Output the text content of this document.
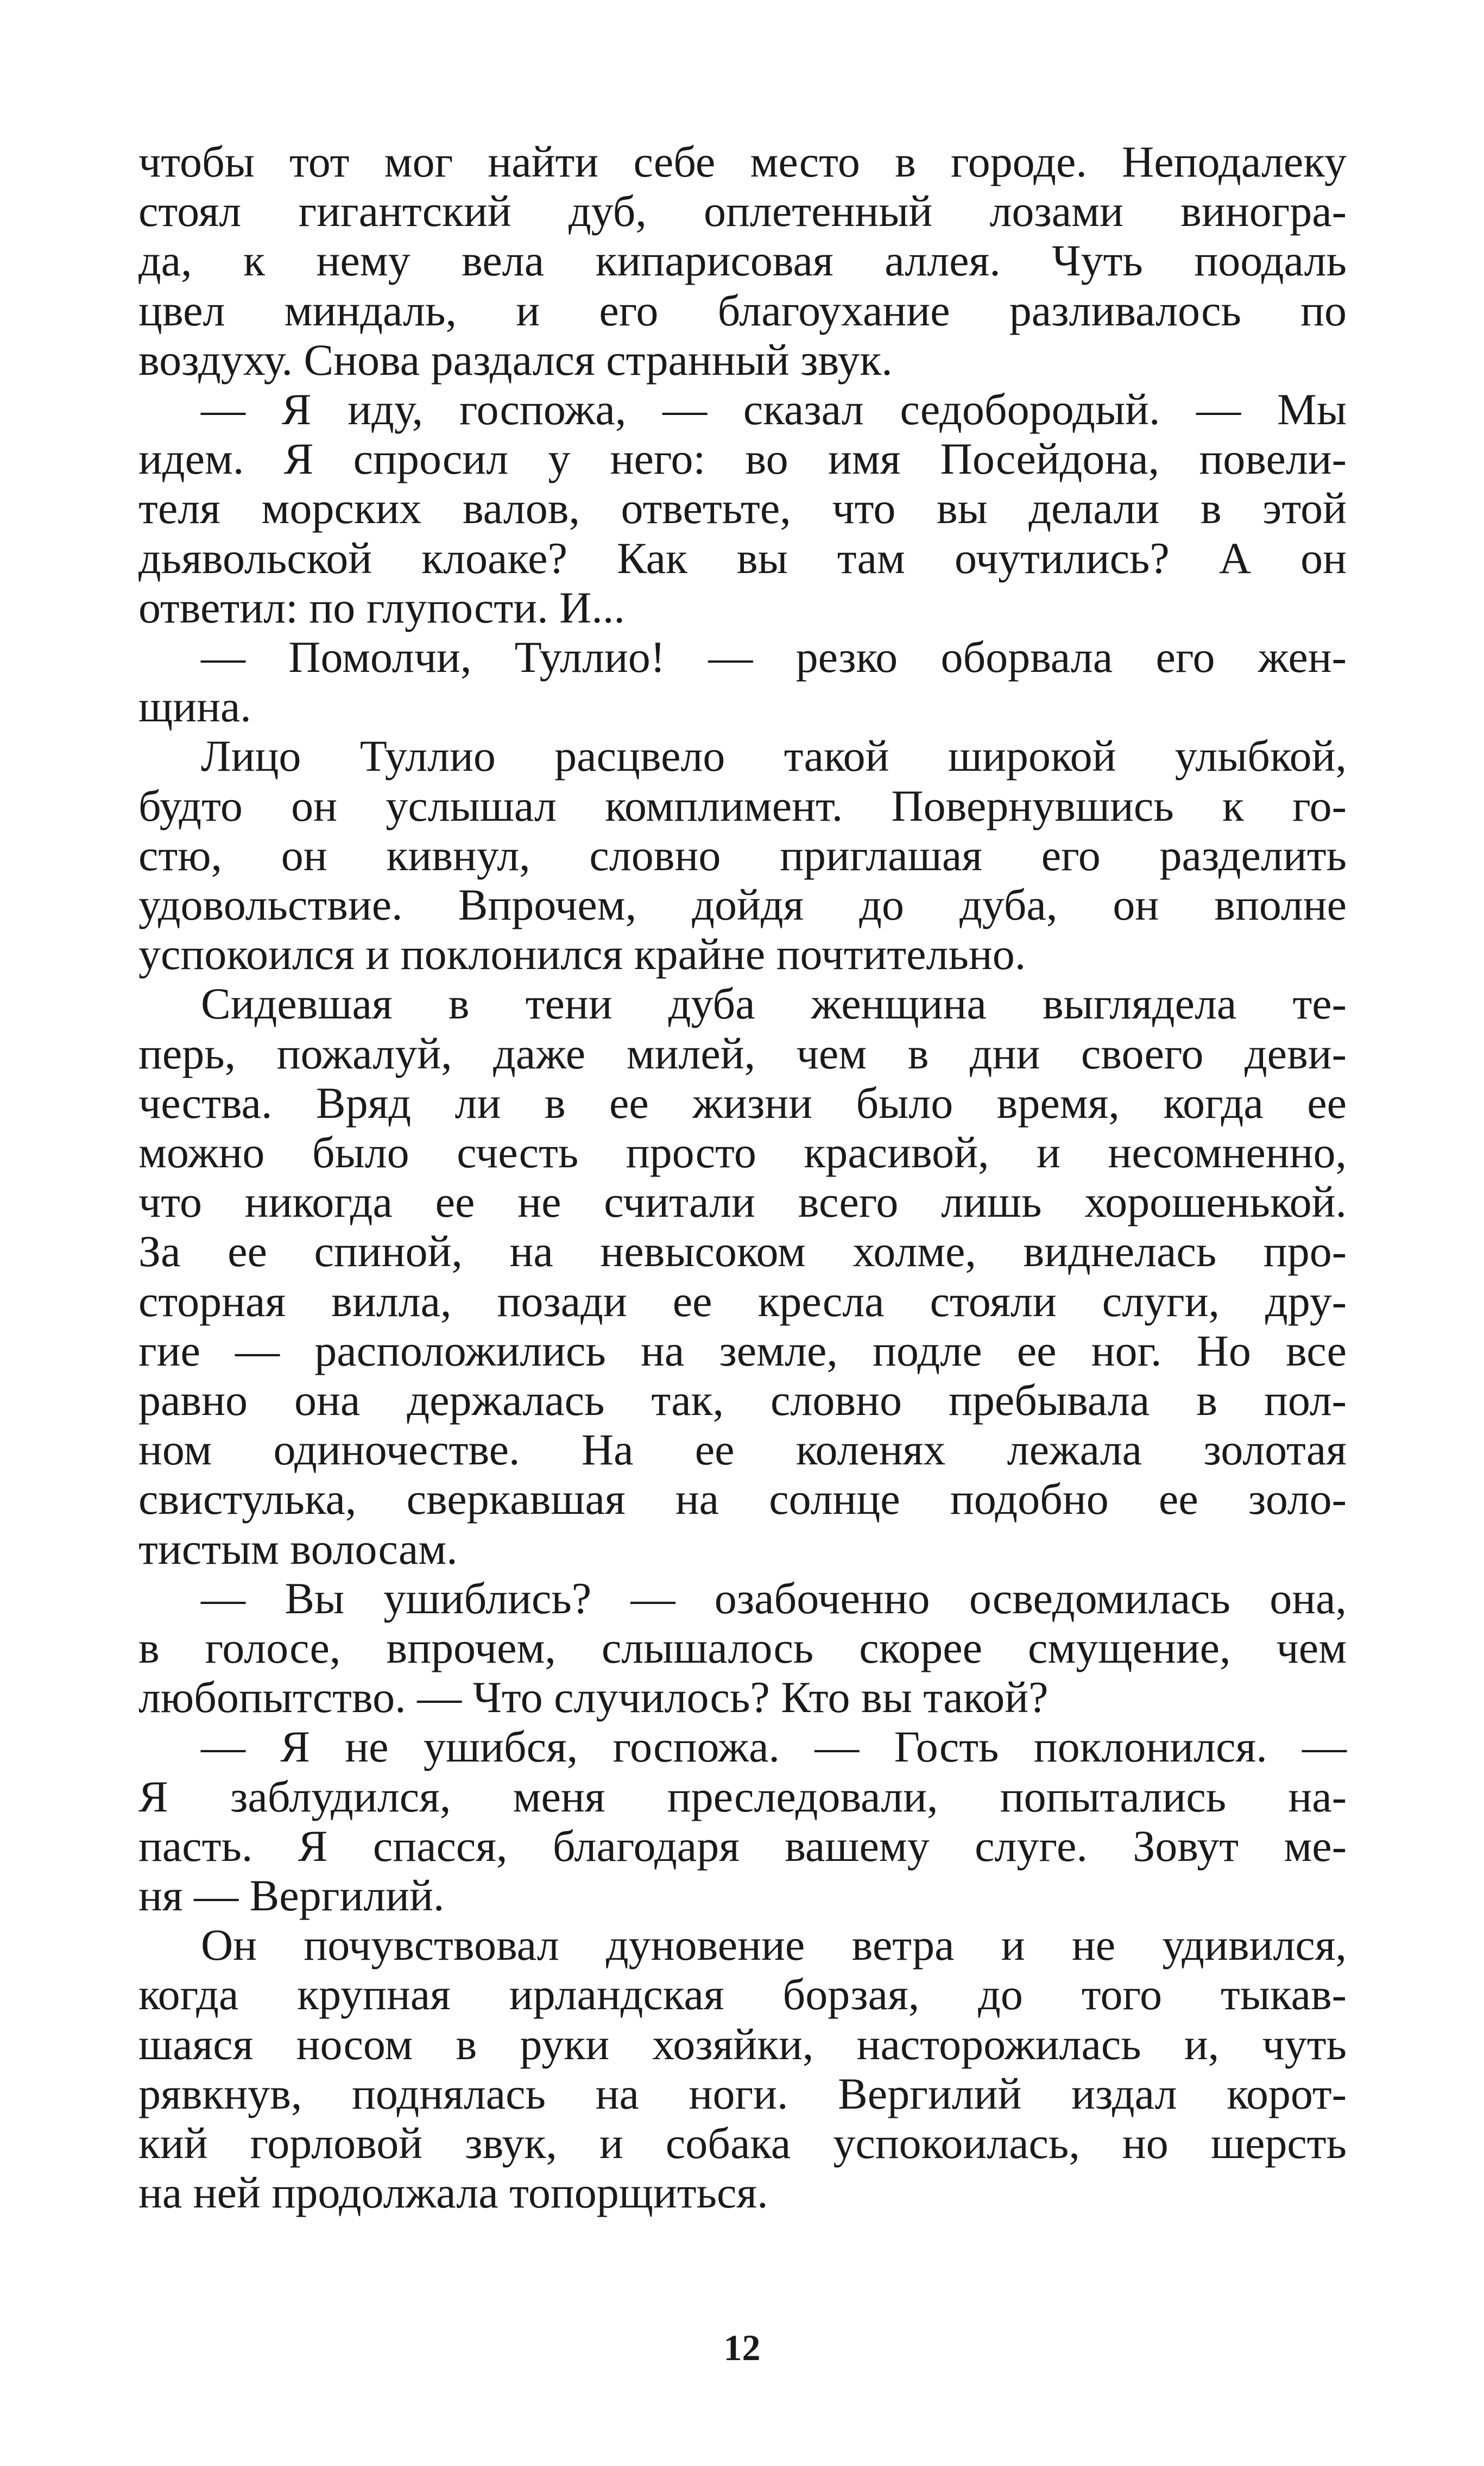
чтобы тот мог найти себе место в городе. Неподалеку
стоял гигантский дуб, оплетенный лозами виногра-
да, к нему вела кипарисовая аллея. Чуть поодаль
цвел миндаль, и его благоухание разливалось по
воздуху. Снова раздался странный звук.
— Я иду, госпожа, — сказал седобородый. — Мы
идем. Я спросил у него: во имя Посейдона, повели-
теля морских валов, ответьте, что вы делали в этой
дьявольской клоаке? Как вы там очутились? А он
ответил: по глупости. И...
— Помолчи, Туллио! — резко оборвала его жен-
щина.
Лицо Туллио расцвело такой широкой улыбкой,
будто он услышал комплимент. Повернувшись к го-
стю, он кивнул, словно приглашая его разделить
удовольствие. Впрочем, дойдя до дуба, он вполне
успокоился и поклонился крайне почтительно.
Сидевшая в тени дуба женщина выглядела те-
перь, пожалуй, даже милей, чем в дни своего деви-
чества. Вряд ли в ее жизни было время, когда ее
можно было счесть просто красивой, и несомненно,
что никогда ее не считали всего лишь хорошенькой.
За ее спиной, на невысоком холме, виднелась про-
сторная вилла, позади ее кресла стояли слуги, дру-
гие — расположились на земле, подле ее ног. Но все
равно она держалась так, словно пребывала в пол-
ном одиночестве. На ее коленях лежала золотая
свистулька, сверкавшая на солнце подобно ее золо-
тистым волосам.
— Вы ушиблись? — озабоченно осведомилась она,
в голосе, впрочем, слышалось скорее смущение, чем
любопытство. — Что случилось? Кто вы такой?
— Я не ушибся, госпожа. — Гость поклонился. —
Я заблудился, меня преследовали, попытались на-
пасть. Я спасся, благодаря вашему слуге. Зовут ме-
ня — Вергилий.
Он почувствовал дуновение ветра и не удивился,
когда крупная ирландская борзая, до того тыкав-
шаяся носом в руки хозяйки, насторожилась и, чуть
рявкнув, поднялась на ноги. Вергилий издал корот-
кий горловой звук, и собака успокоилась, но шерсть
на ней продолжала топорщиться.
12
